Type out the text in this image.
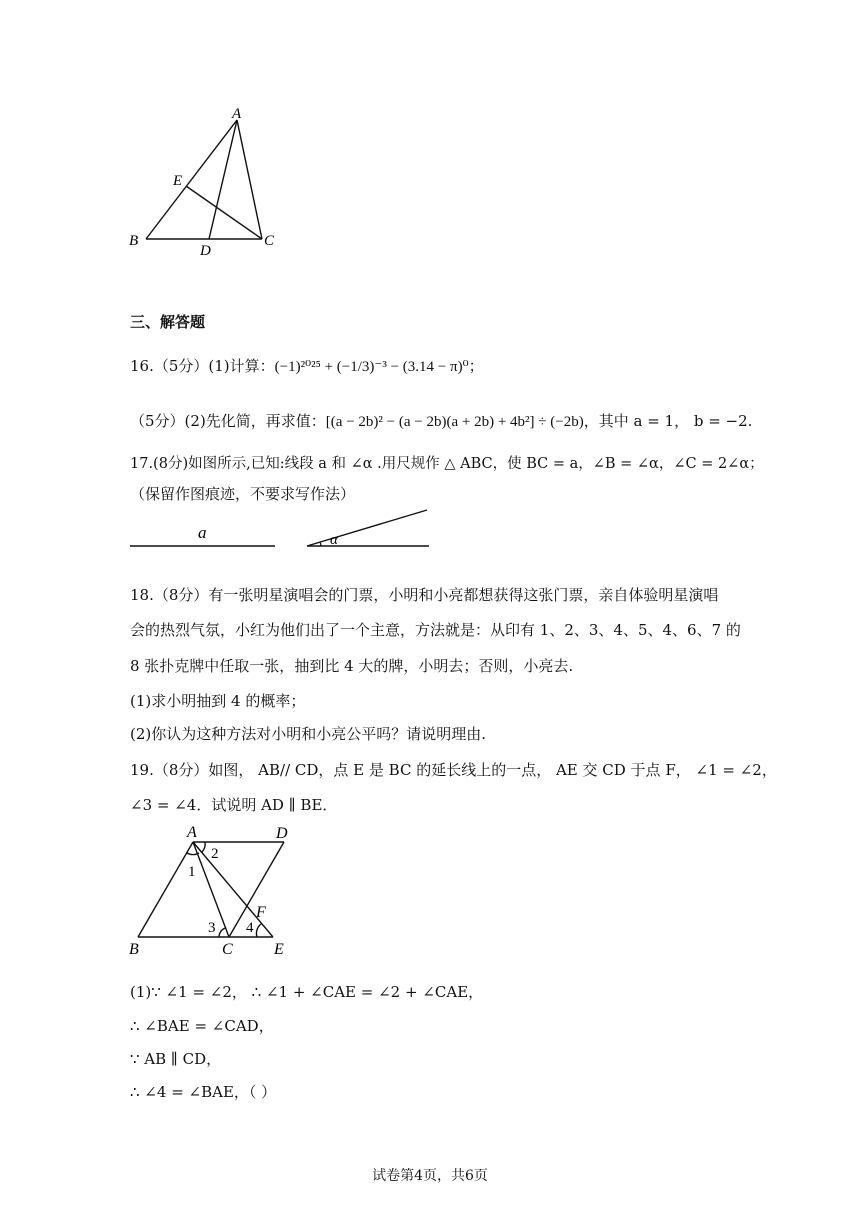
A
E
B
D
C
三、解答题
16.（5分）(1)计算：(−1)²⁰²⁵ + (−1/3)⁻³ − (3.14 − π)⁰；
（5分）(2)先化简，再求值：[(a − 2b)² − (a − 2b)(a + 2b) + 4b²] ÷ (−2b)，其中 a = 1， b = −2.
17.(8分)如图所示,已知:线段 a 和 ∠α .用尺规作 △ ABC，使 BC = a，∠B = ∠α，∠C = 2∠α；
（保留作图痕迹，不要求写作法）
a	α
18.（8分）有一张明星演唱会的门票，小明和小亮都想获得这张门票，亲自体验明星演唱
会的热烈气氛，小红为他们出了一个主意，方法就是：从印有 1、2、3、4、5、4、6、7 的
8 张扑克牌中任取一张，抽到比 4 大的牌，小明去；否则，小亮去.
(1)求小明抽到 4 的概率；
(2)你认为这种方法对小明和小亮公平吗？请说明理由.
19.（8分）如图， AB// CD，点 E 是 BC 的延长线上的一点， AE 交 CD 于点 F， ∠1 = ∠2，
∠3 = ∠4．试说明 AD ∥ BE．
A	D
2
1
F
3 4
B	C	E
(1)∵ ∠1 = ∠2， ∴ ∠1 + ∠CAE = ∠2 + ∠CAE，
∴ ∠BAE = ∠CAD，
∵ AB ∥ CD，
∴ ∠4 = ∠BAE，（ ）
试卷第4页，共6页
